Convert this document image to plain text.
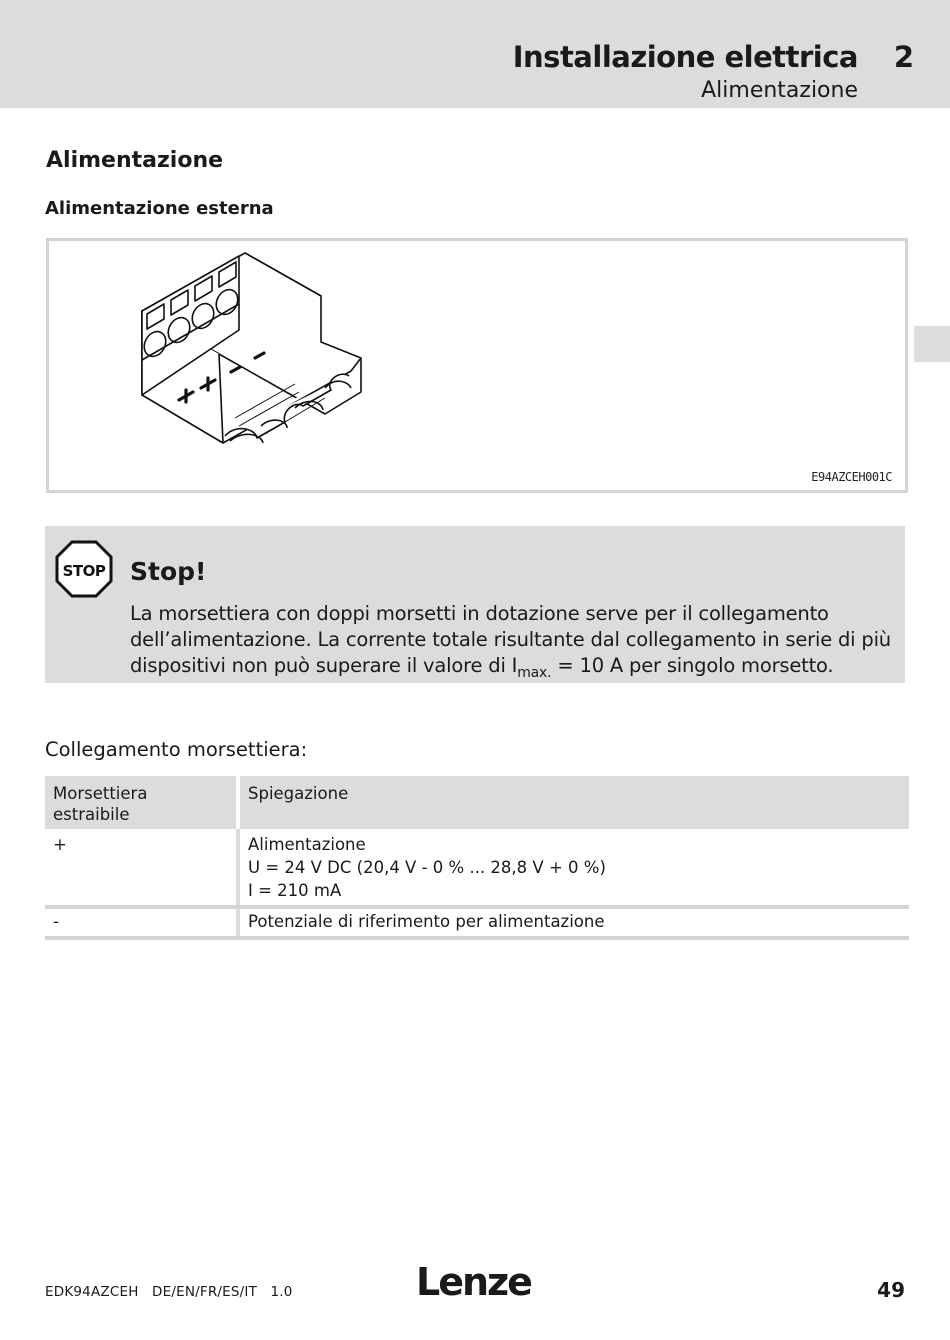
Installazione elettrica 2
Alimentazione
Alimentazione
Alimentazione esterna
E94AZCEH001C
STOP Stop!
La morsettiera con doppi morsetti in dotazione serve per il collegamento dell’alimentazione. La corrente totale risultante dal collegamento in serie di più dispositivi non può superare il valore di $I_{max.} = 10$ A per singolo morsetto.
Collegamento morsettiera:
Morsettiera estraibile	Spiegazione
+	Alimentazione
U = 24 V DC (20,4 V - 0 % ... 28,8 V + 0 %)
I = 210 mA

-	Potenziale di riferimento per alimentazione
EDK94AZCEH   DE/EN/FR/ES/IT   1.0	Lenze	49
